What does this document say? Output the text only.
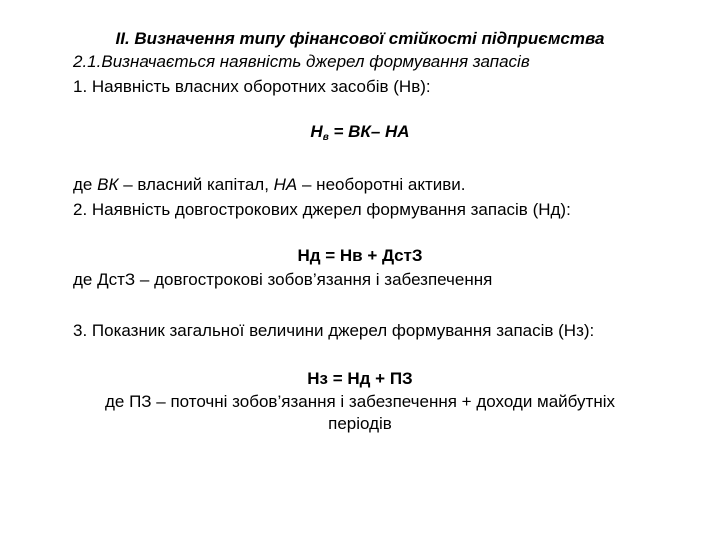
ІІ. Визначення типу фінансової стійкості підприємства
2.1.Визначається наявність джерел формування запасів
1. Наявність власних оборотних засобів (Нв):
$Н_в = ВК-$ НА
де ВК – власний капітал, НА – необоротні активи.
2. Наявність довгострокових джерел формування запасів (Нд):
Нд = Нв + ДстЗ
де ДстЗ – довгострокові зобов’язання і забезпечення
3. Показник загальної величини джерел формування запасів (Нз):
Нз = Нд + ПЗ
де ПЗ – поточні зобов’язання і забезпечення + доходи майбутніх
періодів
